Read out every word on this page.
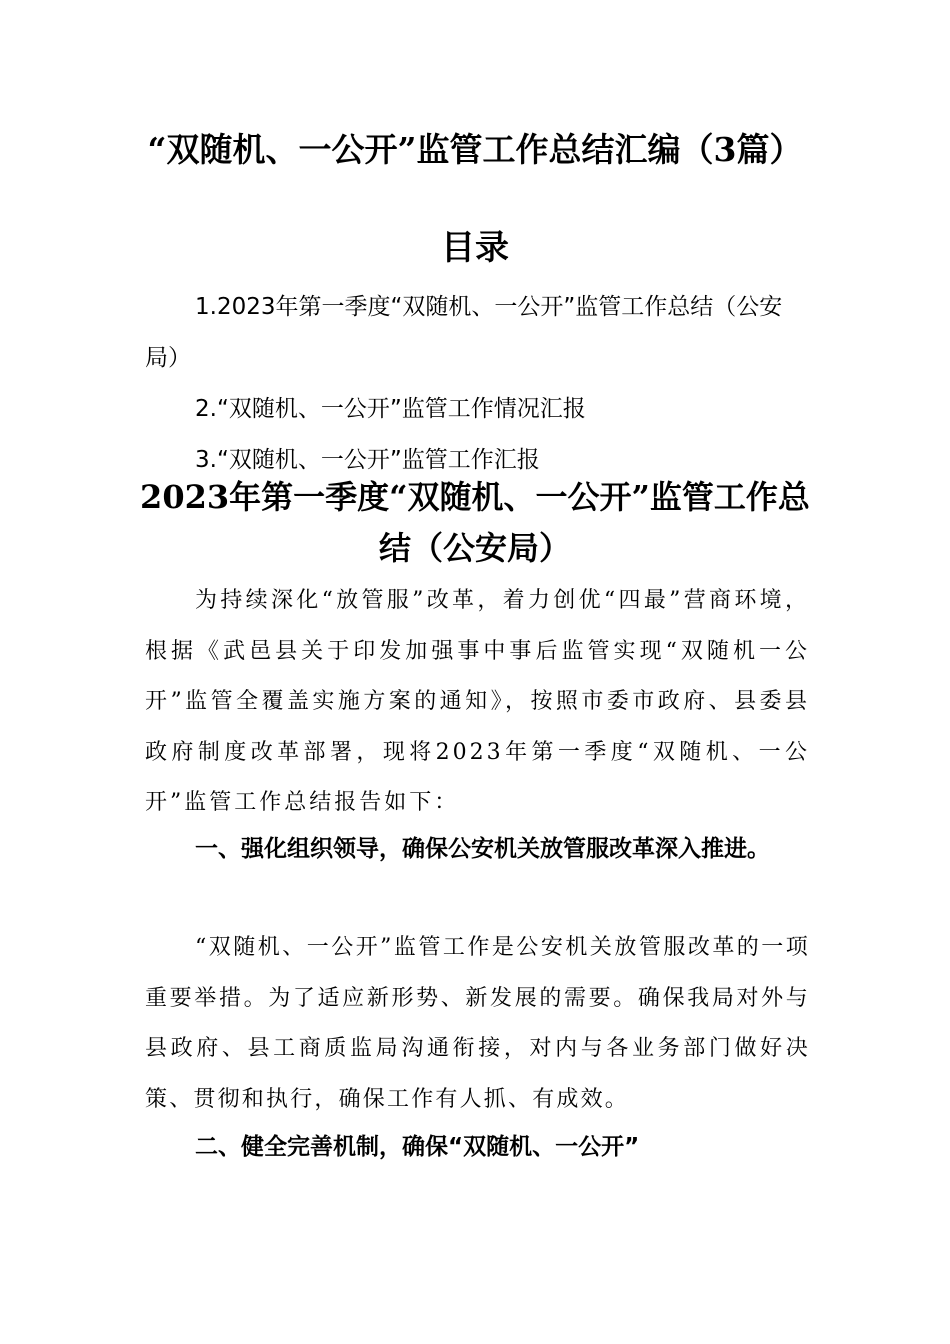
“双随机、一公开”监管工作总结汇编（3篇）
目录
1.2023年第一季度“双随机、一公开”监管工作总结（公安局）
2.“双随机、一公开”监管工作情况汇报
3.“双随机、一公开”监管工作汇报
2023年第一季度“双随机、一公开”监管工作总结（公安局）

为持续深化“放管服”改革，着力创优“四最”营商环境，根据《武邑县关于印发加强事中事后监管实现“双随机一公开”监管全覆盖实施方案的通知》，按照市委市政府、县委县政府制度改革部署，现将2023年第一季度“双随机、一公开”监管工作总结报告如下：

一、强化组织领导，确保公安机关放管服改革深入推进。

“双随机、一公开”监管工作是公安机关放管服改革的一项重要举措。为了适应新形势、新发展的需要。确保我局对外与县政府、县工商质监局沟通衔接，对内与各业务部门做好决策、贯彻和执行，确保工作有人抓、有成效。

二、健全完善机制，确保“双随机、一公开”
